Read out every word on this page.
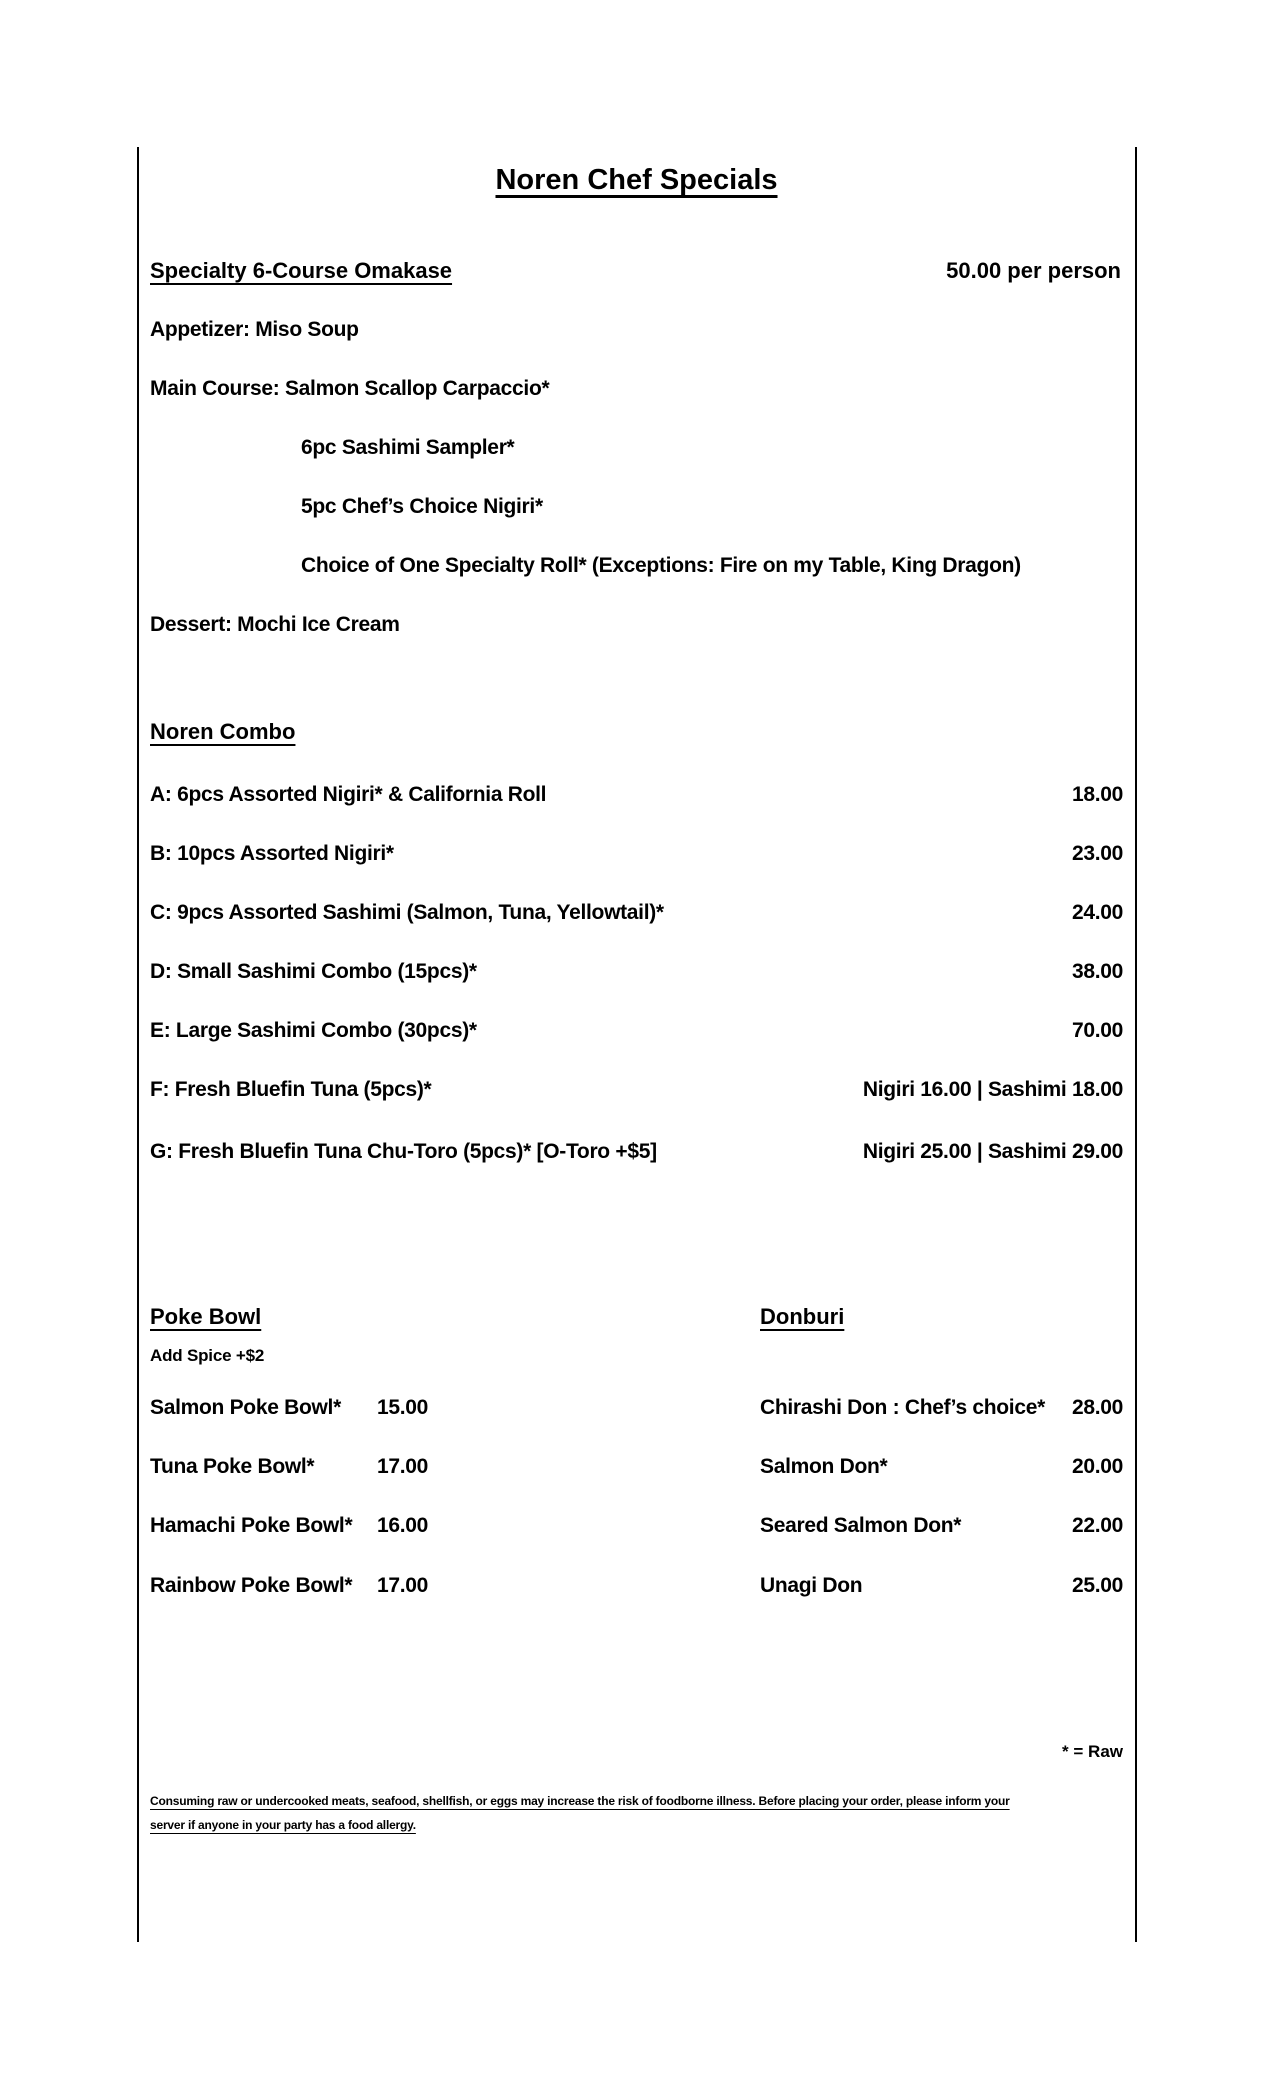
Noren Chef Specials
Specialty 6-Course Omakase	50.00 per person
Appetizer: Miso Soup
Main Course: Salmon Scallop Carpaccio*
6pc Sashimi Sampler*
5pc Chef’s Choice Nigiri*
Choice of One Specialty Roll* (Exceptions: Fire on my Table, King Dragon)
Dessert: Mochi Ice Cream
Noren Combo
A: 6pcs Assorted Nigiri* & California Roll	18.00
B: 10pcs Assorted Nigiri*	23.00
C: 9pcs Assorted Sashimi (Salmon, Tuna, Yellowtail)*	24.00
D: Small Sashimi Combo (15pcs)*	38.00
E: Large Sashimi Combo (30pcs)*	70.00
F: Fresh Bluefin Tuna (5pcs)*	Nigiri 16.00 | Sashimi 18.00
G: Fresh Bluefin Tuna Chu-Toro (5pcs)* [O-Toro +$5]	Nigiri 25.00 | Sashimi 29.00
Poke Bowl	Donburi
Add Spice +$2
Salmon Poke Bowl* 15.00
Tuna Poke Bowl*	17.00
Hamachi Poke Bowl* 16.00
Rainbow Poke Bowl* 17.00
Chirashi Don : Chef’s choice* 28.00
Salmon Don*	20.00
Seared Salmon Don*	22.00
Unagi Don	25.00
* = Raw
Consuming raw or undercooked meats, seafood, shellfish, or eggs may increase the risk of foodborne illness. Before placing your order, please inform your
server if anyone in your party has a food allergy.
